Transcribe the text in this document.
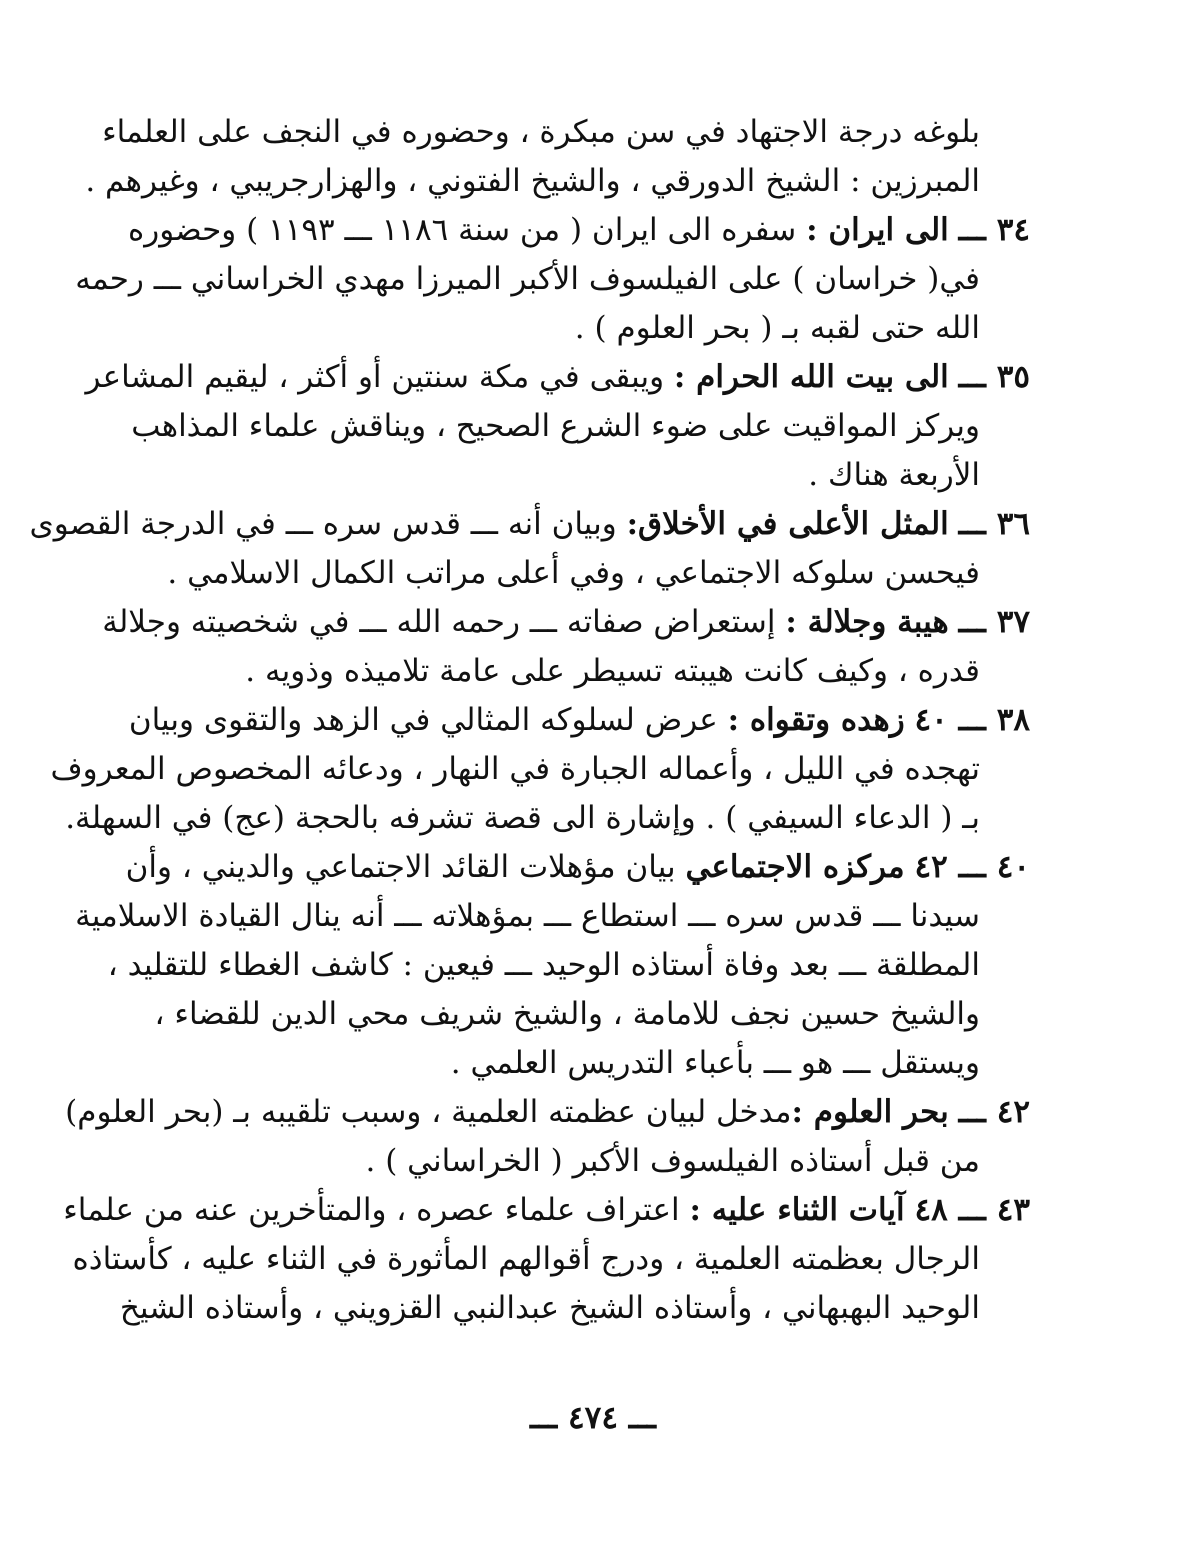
بلوغه درجة الاجتهاد في سن مبكرة ، وحضوره في النجف على العلماء
المبرزين : الشيخ الدورقي ، والشيخ الفتوني ، والهزارجريبي ، وغيرهم .
٣٤ ـــ الى ايران : سفره الى ايران ( من سنة ١١٨٦ ـــ ١١٩٣ ) وحضوره
في( خراسان ) على الفيلسوف الأكبر الميرزا مهدي الخراساني ـــ رحمه
الله حتى لقبه بـ ( بحر العلوم ) .
٣٥ ـــ الى بيت الله الحرام : ويبقى في مكة سنتين أو أكثر ، ليقيم المشاعر
ويركز المواقيت على ضوء الشرع الصحيح ، ويناقش علماء المذاهب
الأربعة هناك .
٣٦ ـــ المثل الأعلى في الأخلاق: وبيان أنه ـــ قدس سره ـــ في الدرجة القصوى
فيحسن سلوكه الاجتماعي ، وفي أعلى مراتب الكمال الاسلامي .
٣٧ ـــ هيبة وجلالة : إستعراض صفاته ـــ رحمه الله ـــ في شخصيته وجلالة
قدره ، وكيف كانت هيبته تسيطر على عامة تلاميذه وذويه .
٣٨ ـــ ٤٠ زهده وتقواه : عرض لسلوكه المثالي في الزهد والتقوى وبيان
تهجده في الليل ، وأعماله الجبارة في النهار ، ودعائه المخصوص المعروف
بـ ( الدعاء السيفي ) . وإشارة الى قصة تشرفه بالحجة (عج) في السهلة.
٤٠ ـــ ٤٢ مركزه الاجتماعي بيان مؤهلات القائد الاجتماعي والديني ، وأن
سيدنا ـــ قدس سره ـــ استطاع ـــ بمؤهلاته ـــ أنه ينال القيادة الاسلامية
المطلقة ـــ بعد وفاة أستاذه الوحيد ـــ فيعين : كاشف الغطاء للتقليد ،
والشيخ حسين نجف للامامة ، والشيخ شريف محي الدين للقضاء ،
ويستقل ـــ هو ـــ بأعباء التدريس العلمي .
٤٢ ـــ بحر العلوم :مدخل لبيان عظمته العلمية ، وسبب تلقيبه بـ (بحر العلوم)
من قبل أستاذه الفيلسوف الأكبر ( الخراساني ) .
٤٣ ـــ ٤٨ آيات الثناء عليه : اعتراف علماء عصره ، والمتأخرين عنه من علماء
الرجال بعظمته العلمية ، ودرج أقوالهم المأثورة في الثناء عليه ، كأستاذه
الوحيد البهبهاني ، وأستاذه الشيخ عبدالنبي القزويني ، وأستاذه الشيخ
ـــ ٤٧٤ ـــ
